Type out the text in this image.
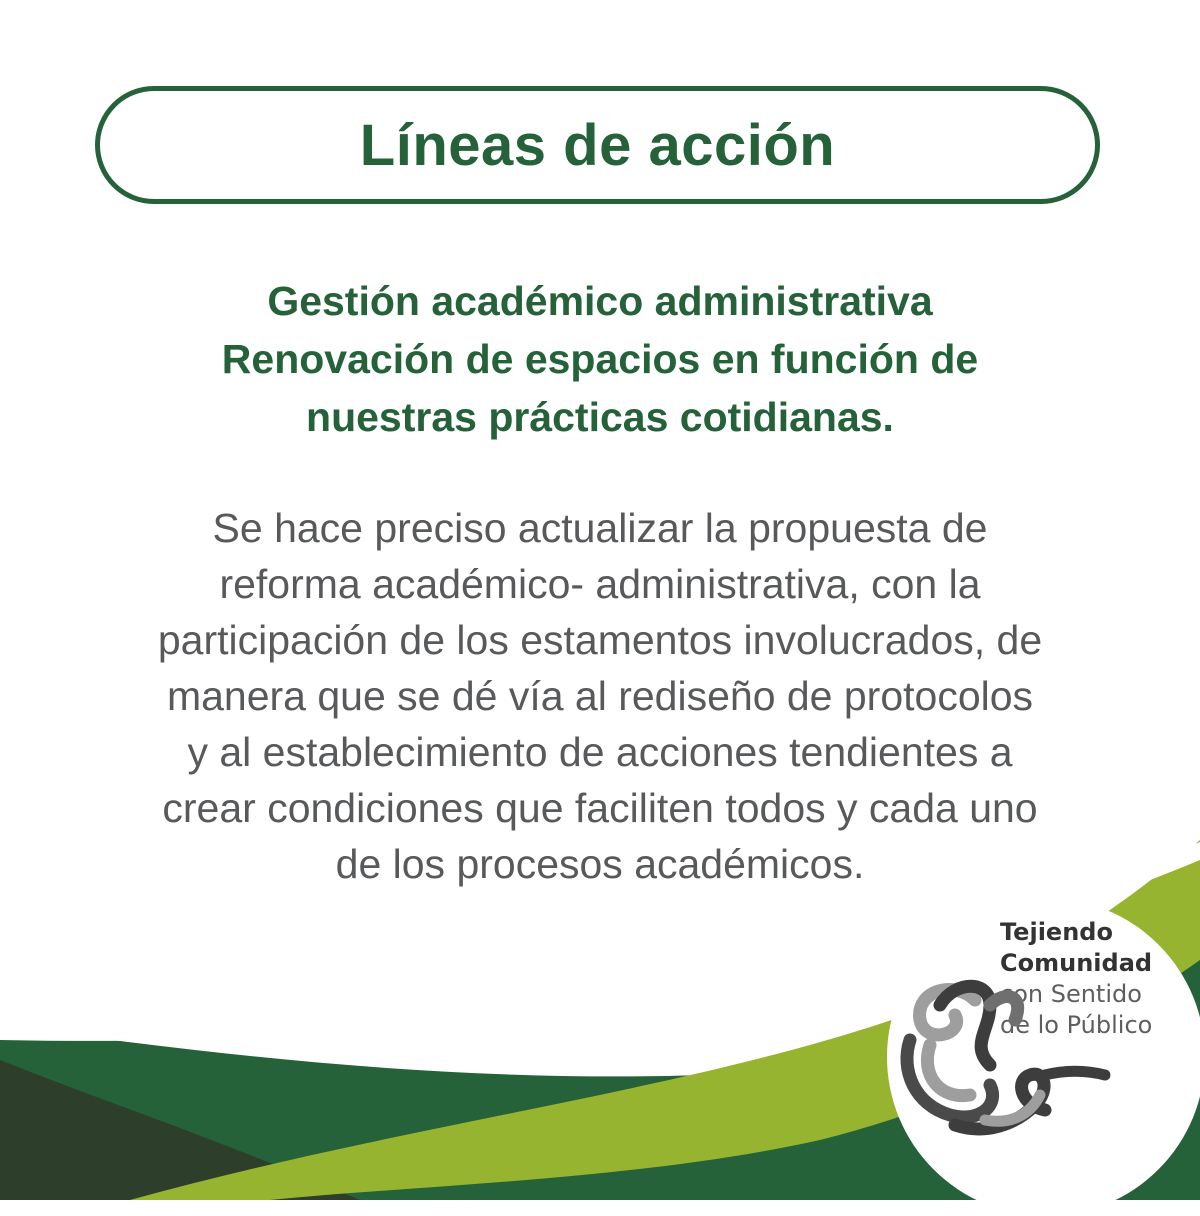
Líneas de acción
Gestión académico administrativa
Renovación de espacios en función de
nuestras prácticas cotidianas.
Se hace preciso actualizar la propuesta de
reforma académico- administrativa, con la
participación de los estamentos involucrados, de
manera que se dé vía al rediseño de protocolos
y al establecimiento de acciones tendientes a
crear condiciones que faciliten todos y cada uno
de los procesos académicos.
Tejiendo
Comunidad
con Sentido
de lo Público
